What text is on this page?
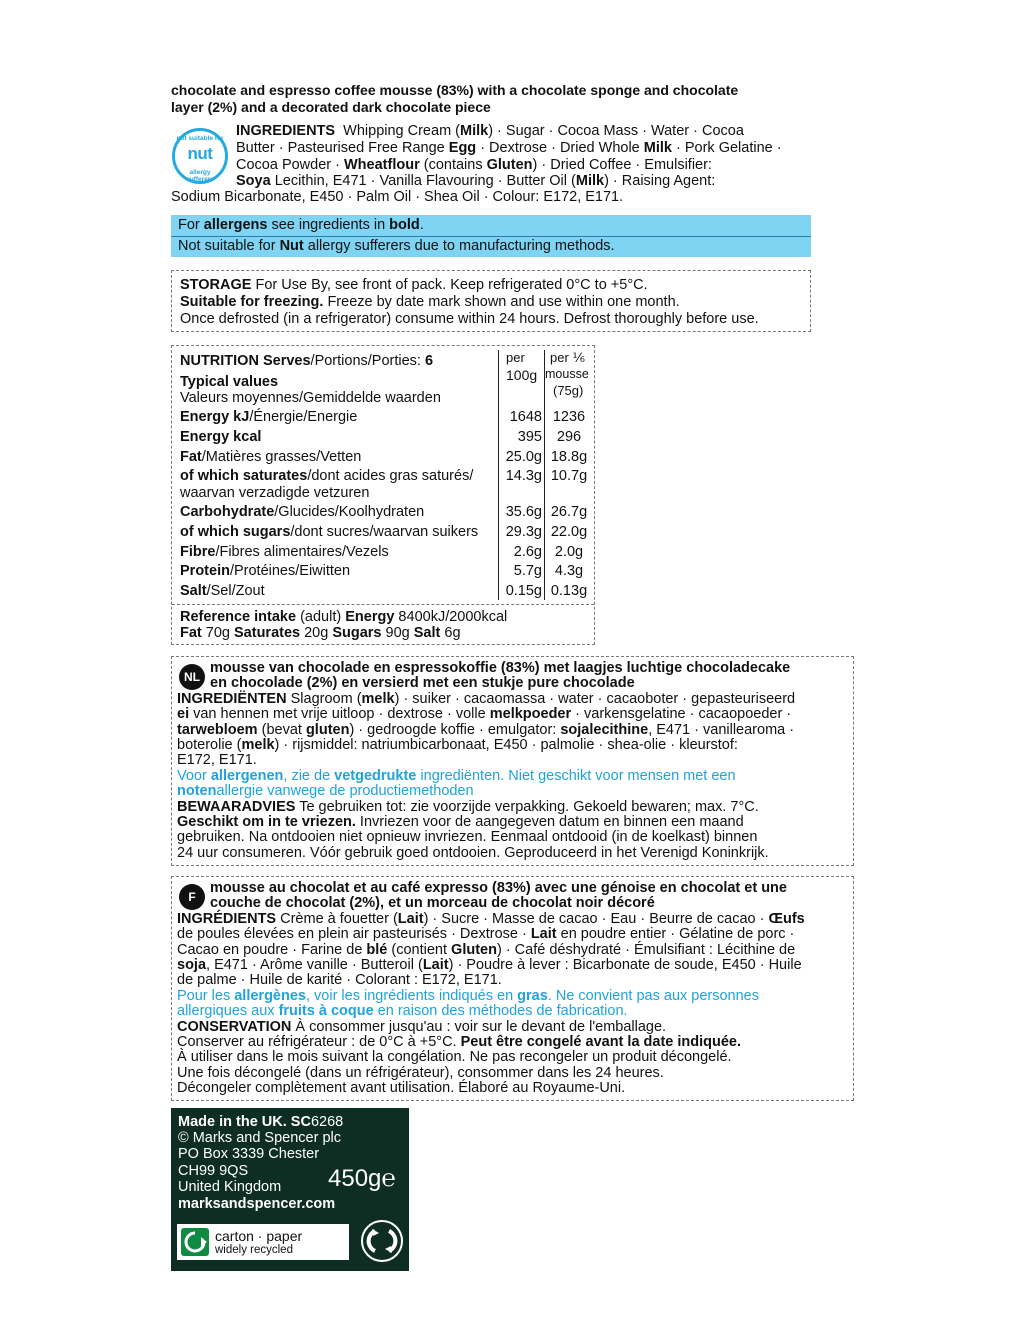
chocolate and espresso coffee mousse (83%) with a chocolate sponge and chocolate
layer (2%) and a decorated dark chocolate piece
not suitable for
nut
allergy sufferers
INGREDIENTS Whipping Cream (Milk) · Sugar · Cocoa Mass · Water · Cocoa
Butter · Pasteurised Free Range Egg · Dextrose · Dried Whole Milk · Pork Gelatine ·
Cocoa Powder · Wheatflour (contains Gluten) · Dried Coffee · Emulsifier:
Soya Lecithin, E471 · Vanilla Flavouring · Butter Oil (Milk) · Raising Agent:
Sodium Bicarbonate, E450 · Palm Oil · Shea Oil · Colour: E172, E171.
For allergens see ingredients in bold.
Not suitable for Nut allergy sufferers due to manufacturing methods.
STORAGE For Use By, see front of pack. Keep refrigerated 0°C to +5°C.
Suitable for freezing. Freeze by date mark shown and use within one month.
Once defrosted (in a refrigerator) consume within 24 hours. Defrost thoroughly before use.
NUTRITION Serves/Portions/Porties: 6
Typical values
Valeurs moyennes/Gemiddelde waarden
per
100g
per ⅙
mousse
(75g)
Energy kJ/Énergie/Energie	1648 1236
Energy kcal	395	296
Fat/Matières grasses/Vetten	25.0g 18.8g
of which saturates/dont acides gras saturés/
waarvan verzadigde vetzuren
14.3g 10.7g
Carbohydrate/Glucides/Koolhydraten	35.6g 26.7g
of which sugars/dont sucres/waarvan suikers	29.3g 22.0g
Fibre/Fibres alimentaires/Vezels	2.6g 2.0g
Protein/Protéines/Eiwitten	5.7g 4.3g
Salt/Sel/Zout	0.15g 0.13g
Reference intake (adult) Energy 8400kJ/2000kcal
Fat 70g Saturates 20g Sugars 90g Salt 6g
NL
mousse van chocolade en espressokoffie (83%) met laagjes luchtige chocoladecake
en chocolade (2%) en versierd met een stukje pure chocolade
INGREDIËNTEN Slagroom (melk) · suiker · cacaomassa · water · cacaoboter · gepasteuriseerd
ei van hennen met vrije uitloop · dextrose · volle melkpoeder · varkensgelatine · cacaopoeder ·
tarwebloem (bevat gluten) · gedroogde koffie · emulgator: sojalecithine, E471 · vanillearoma ·
boterolie (melk) · rijsmiddel: natriumbicarbonaat, E450 · palmolie · shea-olie · kleurstof:
E172, E171.
Voor allergenen, zie de vetgedrukte ingrediënten. Niet geschikt voor mensen met een
notenallergie vanwege de productiemethoden
BEWAARADVIES Te gebruiken tot: zie voorzijde verpakking. Gekoeld bewaren; max. 7°C.
Geschikt om in te vriezen. Invriezen voor de aangegeven datum en binnen een maand
gebruiken. Na ontdooien niet opnieuw invriezen. Eenmaal ontdooid (in de koelkast) binnen
24 uur consumeren. Vóór gebruik goed ontdooien. Geproduceerd in het Verenigd Koninkrijk.
F
mousse au chocolat et au café expresso (83%) avec une génoise en chocolat et une
couche de chocolat (2%), et un morceau de chocolat noir décoré
INGRÉDIENTS Crème à fouetter (Lait) · Sucre · Masse de cacao · Eau · Beurre de cacao · Œufs
de poules élevées en plein air pasteurisés · Dextrose · Lait en poudre entier · Gélatine de porc ·
Cacao en poudre · Farine de blé (contient Gluten) · Café déshydraté · Émulsifiant : Lécithine de
soja, E471 · Arôme vanille · Butteroil (Lait) · Poudre à lever : Bicarbonate de soude, E450 · Huile
de palme · Huile de karité · Colorant : E172, E171.
Pour les allergènes, voir les ingrédients indiqués en gras. Ne convient pas aux personnes
allergiques aux fruits à coque en raison des méthodes de fabrication.
CONSERVATION À consommer jusqu'au : voir sur le devant de l'emballage.
Conserver au réfrigérateur : de 0°C à +5°C. Peut être congelé avant la date indiquée.
À utiliser dans le mois suivant la congélation. Ne pas recongeler un produit décongelé.
Une fois décongelé (dans un réfrigérateur), consommer dans les 24 heures.
Décongeler complètement avant utilisation. Élaboré au Royaume-Uni.
Made in the UK. SC6268
© Marks and Spencer plc
PO Box 3339 Chester
CH99 9QS
United Kingdom
marksandspencer.com
450g℮
carton · paper
widely recycled
